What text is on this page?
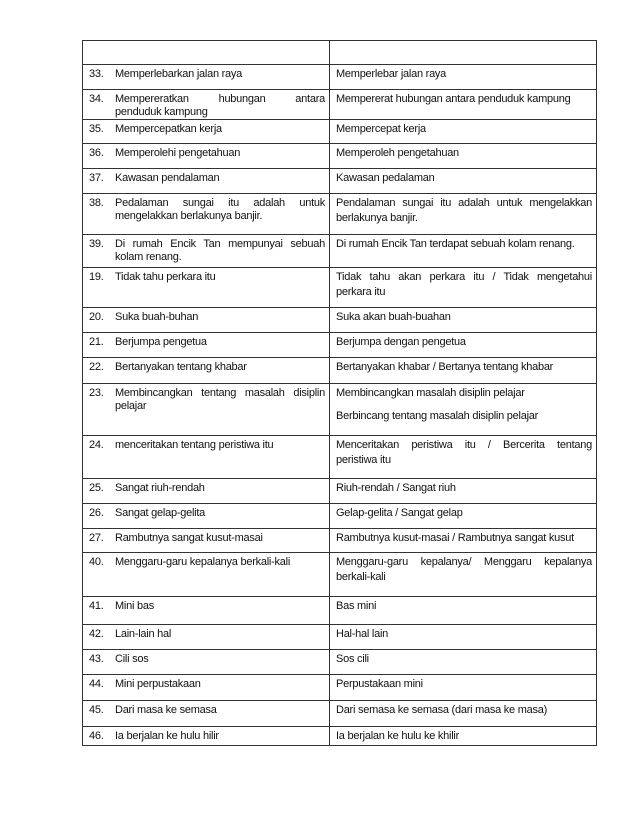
33. Memperlebarkan jalan raya	Memperlebar jalan raya

34. Mempereratkan hubungan antara
penduduk kampung	Mempererat hubungan antara penduduk kampung

35. Mempercepatkan kerja	Mempercepat kerja

36. Memperolehi pengetahuan	Memperoleh pengetahuan

37. Kawasan pendalaman	Kawasan pedalaman

38. Pedalaman sungai itu adalah untuk
mengelakkan berlakunya banjir.	Pendalaman sungai itu adalah untuk mengelakkan
berlakunya banjir.

39. Di rumah Encik Tan mempunyai sebuah
kolam renang.	Di rumah Encik Tan terdapat sebuah kolam renang.

19. Tidak tahu perkara itu	Tidak tahu akan perkara itu / Tidak mengetahui
perkara itu

20. Suka buah-buhan	Suka akan buah-buahan

21. Berjumpa pengetua	Berjumpa dengan pengetua

22. Bertanyakan tentang khabar	Bertanyakan khabar / Bertanya tentang khabar

23. Membincangkan tentang masalah disiplin
pelajar	Membincangkan masalah disiplin pelajar
Berbincang tentang masalah disiplin pelajar

24. menceritakan tentang peristiwa itu	Menceritakan peristiwa itu / Bercerita tentang
peristiwa itu

25. Sangat riuh-rendah	Riuh-rendah / Sangat riuh

26. Sangat gelap-gelita	Gelap-gelita / Sangat gelap

27. Rambutnya sangat kusut-masai	Rambutnya kusut-masai / Rambutnya sangat kusut

40. Menggaru-garu kepalanya berkali-kali	Menggaru-garu kepalanya/ Menggaru kepalanya
berkali-kali

41. Mini bas	Bas mini

42. Lain-lain hal	Hal-hal lain

43. Cili sos	Sos cili

44. Mini perpustakaan	Perpustakaan mini

45. Dari masa ke semasa	Dari semasa ke semasa (dari masa ke masa)

46. Ia berjalan ke hulu hilir	Ia berjalan ke hulu ke khilir
